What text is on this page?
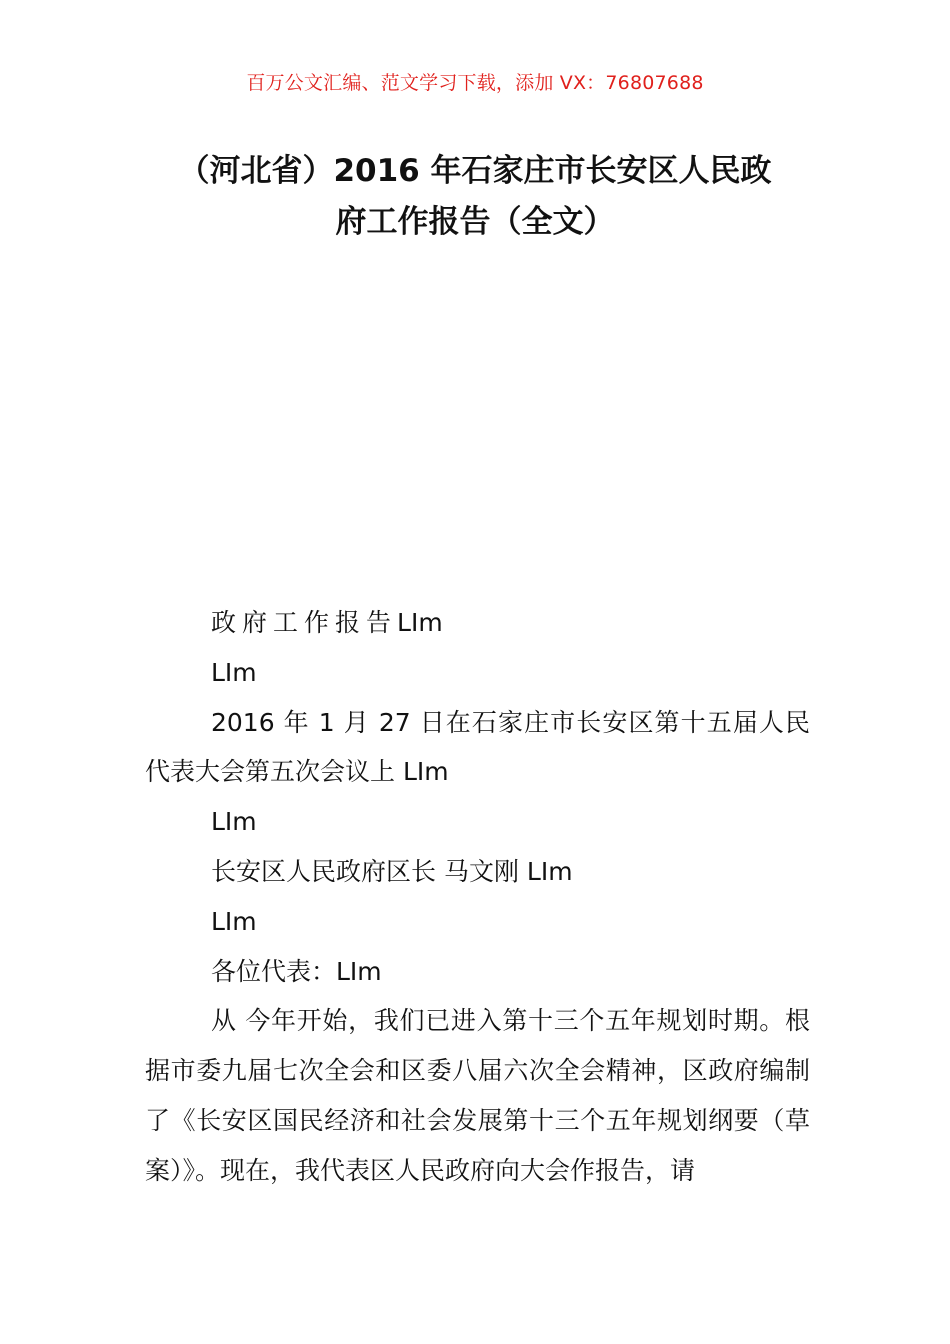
百万公文汇编、范文学习下载，添加 VX：76807688
（河北省）2016 年石家庄市长安区人民政
府工作报告（全文）

政府工作报告LIm

LIm

2016 年 1 月 27 日在石家庄市长安区第十五届人民代表大会第五次会议上 LIm

LIm

长安区人民政府区长 马文刚 LIm

LIm

各位代表：LIm

从 今年开始，我们已进入第十三个五年规划时期。根据市委九届七次全会和区委八届六次全会精神，区政府编制了《长安区国民经济和社会发展第十三个五年规划纲要（草案）》。现在，我代表区人民政府向大会作报告，请
